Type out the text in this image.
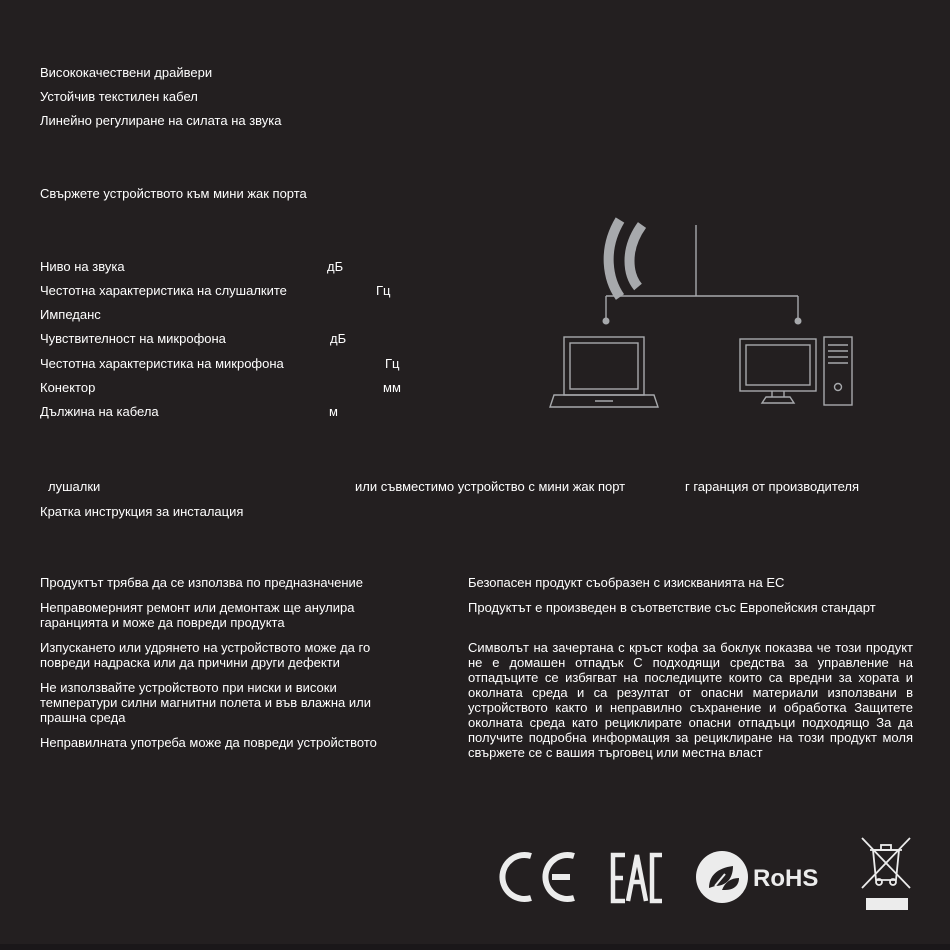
Висококачествени драйвери
Устойчив текстилен кабел
Линейно регулиране на силата на звука
Свържете устройството към мини жак порта
Ниво на звука	дБ
Честотна характеристика на слушалките	Гц
Импеданс
Чувствителност на микрофона	дБ
Честотна характеристика на микрофона	Гц
Конектор	мм
Дължина на кабела	м
лушалки	или съвместимо устройство с мини жак порт	г гаранция от производителя
Кратка инструкция за инсталация
Продуктът трябва да се използва по предназначение
Неправомерният ремонт или демонтаж ще анулира гаранцията и може да повреди продукта
Изпускането или удрянето на устройството може да го повреди надраска или да причини други дефекти
Не използвайте устройството при ниски и високи температури силни магнитни полета и във влажна или прашна среда
Неправилната употреба може да повреди устройството
Безопасен продукт съобразен с изискванията на ЕС
Продуктът е произведен в съответствие със Европейския стандарт
Символът на зачертана с кръст кофа за боклук показва че този продукт не е домашен отпадък С подходящи средства за управление на отпадъците се избягват на последиците които са вредни за хората и околната среда и са резултат от опасни материали използвани в устройството както и неправилно съхранение и обработка Защитете околната среда като рециклирате опасни отпадъци подходящо За да получите подробна информация за рециклиране на този продукт моля свържете се с вашия търговец или местна власт
RoHS
